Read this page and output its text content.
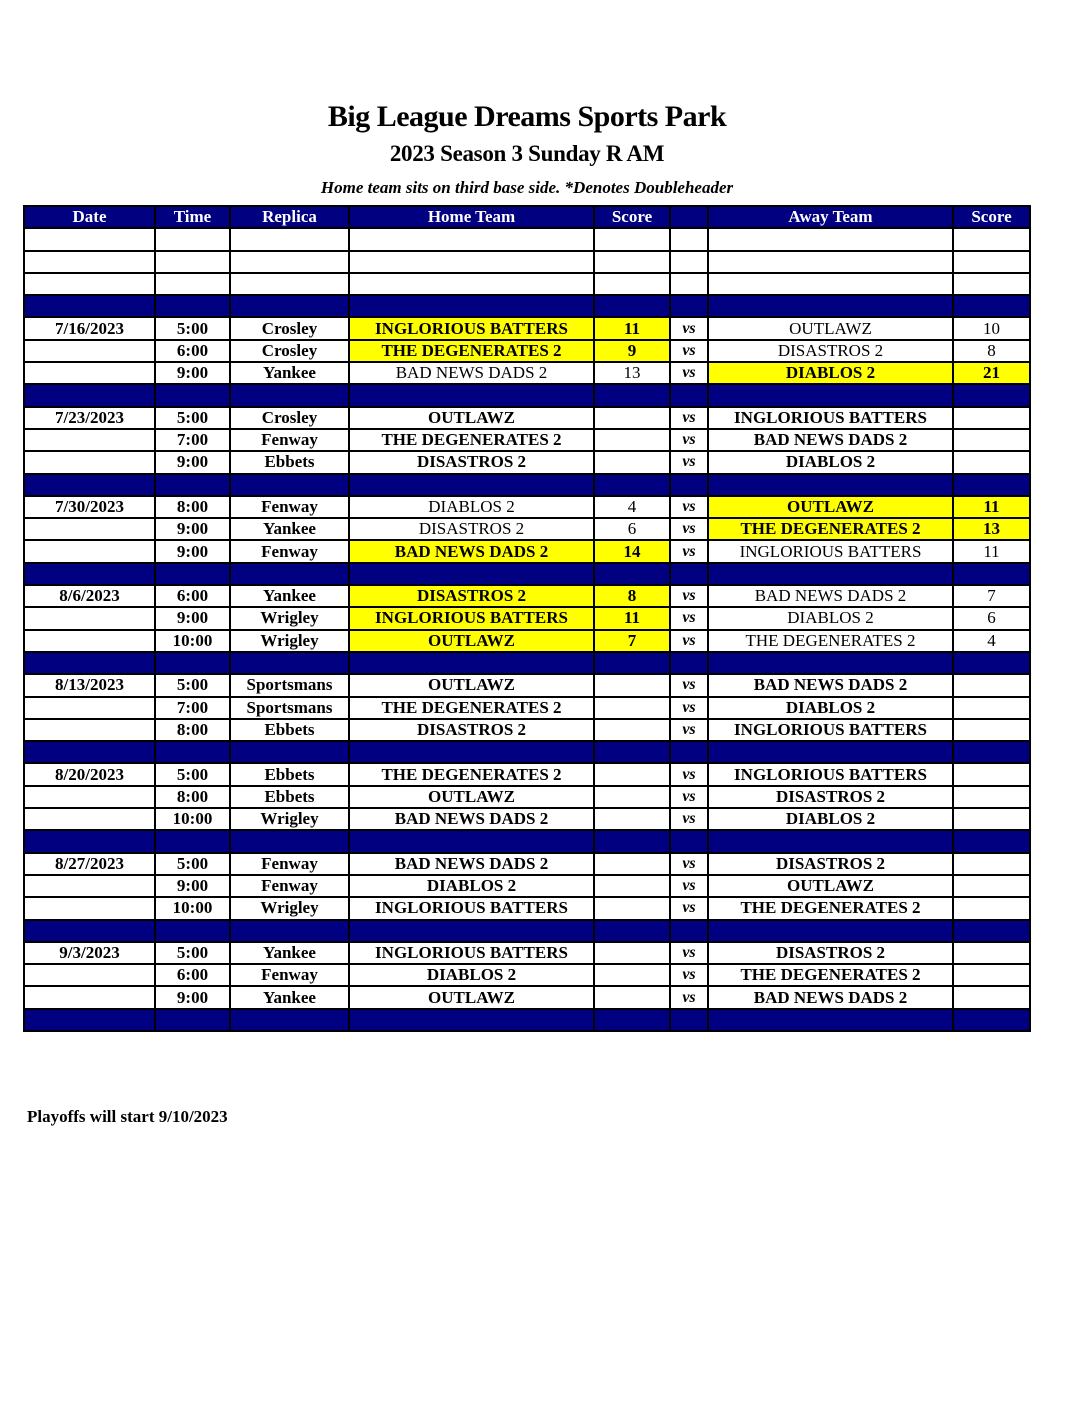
Big League Dreams Sports Park
2023 Season 3 Sunday R AM
Home team sits on third base side. *Denotes Doubleheader
Date	Time	Replica	Home Team	Score		Away Team	Score

7/16/2023	5:00	Crosley	INGLORIOUS BATTERS	11	vs	OUTLAWZ	10
	6:00	Crosley	THE DEGENERATES 2	9	vs	DISASTROS 2	8
	9:00	Yankee	BAD NEWS DADS 2	13	vs	DIABLOS 2	21

7/23/2023	5:00	Crosley	OUTLAWZ		vs	INGLORIOUS BATTERS	
	7:00	Fenway	THE DEGENERATES 2		vs	BAD NEWS DADS 2	
	9:00	Ebbets	DISASTROS 2		vs	DIABLOS 2	

7/30/2023	8:00	Fenway	DIABLOS 2	4	vs	OUTLAWZ	11
	9:00	Yankee	DISASTROS 2	6	vs	THE DEGENERATES 2	13
	9:00	Fenway	BAD NEWS DADS 2	14	vs	INGLORIOUS BATTERS	11

8/6/2023	6:00	Yankee	DISASTROS 2	8	vs	BAD NEWS DADS 2	7
	9:00	Wrigley	INGLORIOUS BATTERS	11	vs	DIABLOS 2	6
	10:00	Wrigley	OUTLAWZ	7	vs	THE DEGENERATES 2	4

8/13/2023	5:00	Sportsmans	OUTLAWZ		vs	BAD NEWS DADS 2	
	7:00	Sportsmans	THE DEGENERATES 2		vs	DIABLOS 2	
	8:00	Ebbets	DISASTROS 2		vs	INGLORIOUS BATTERS	

8/20/2023	5:00	Ebbets	THE DEGENERATES 2		vs	INGLORIOUS BATTERS	
	8:00	Ebbets	OUTLAWZ		vs	DISASTROS 2	
	10:00	Wrigley	BAD NEWS DADS 2		vs	DIABLOS 2	

8/27/2023	5:00	Fenway	BAD NEWS DADS 2		vs	DISASTROS 2	
	9:00	Fenway	DIABLOS 2		vs	OUTLAWZ	
	10:00	Wrigley	INGLORIOUS BATTERS		vs	THE DEGENERATES 2	

9/3/2023	5:00	Yankee	INGLORIOUS BATTERS		vs	DISASTROS 2	
	6:00	Fenway	DIABLOS 2		vs	THE DEGENERATES 2	
	9:00	Yankee	OUTLAWZ		vs	BAD NEWS DADS 2	

Playoffs will start 9/10/2023
